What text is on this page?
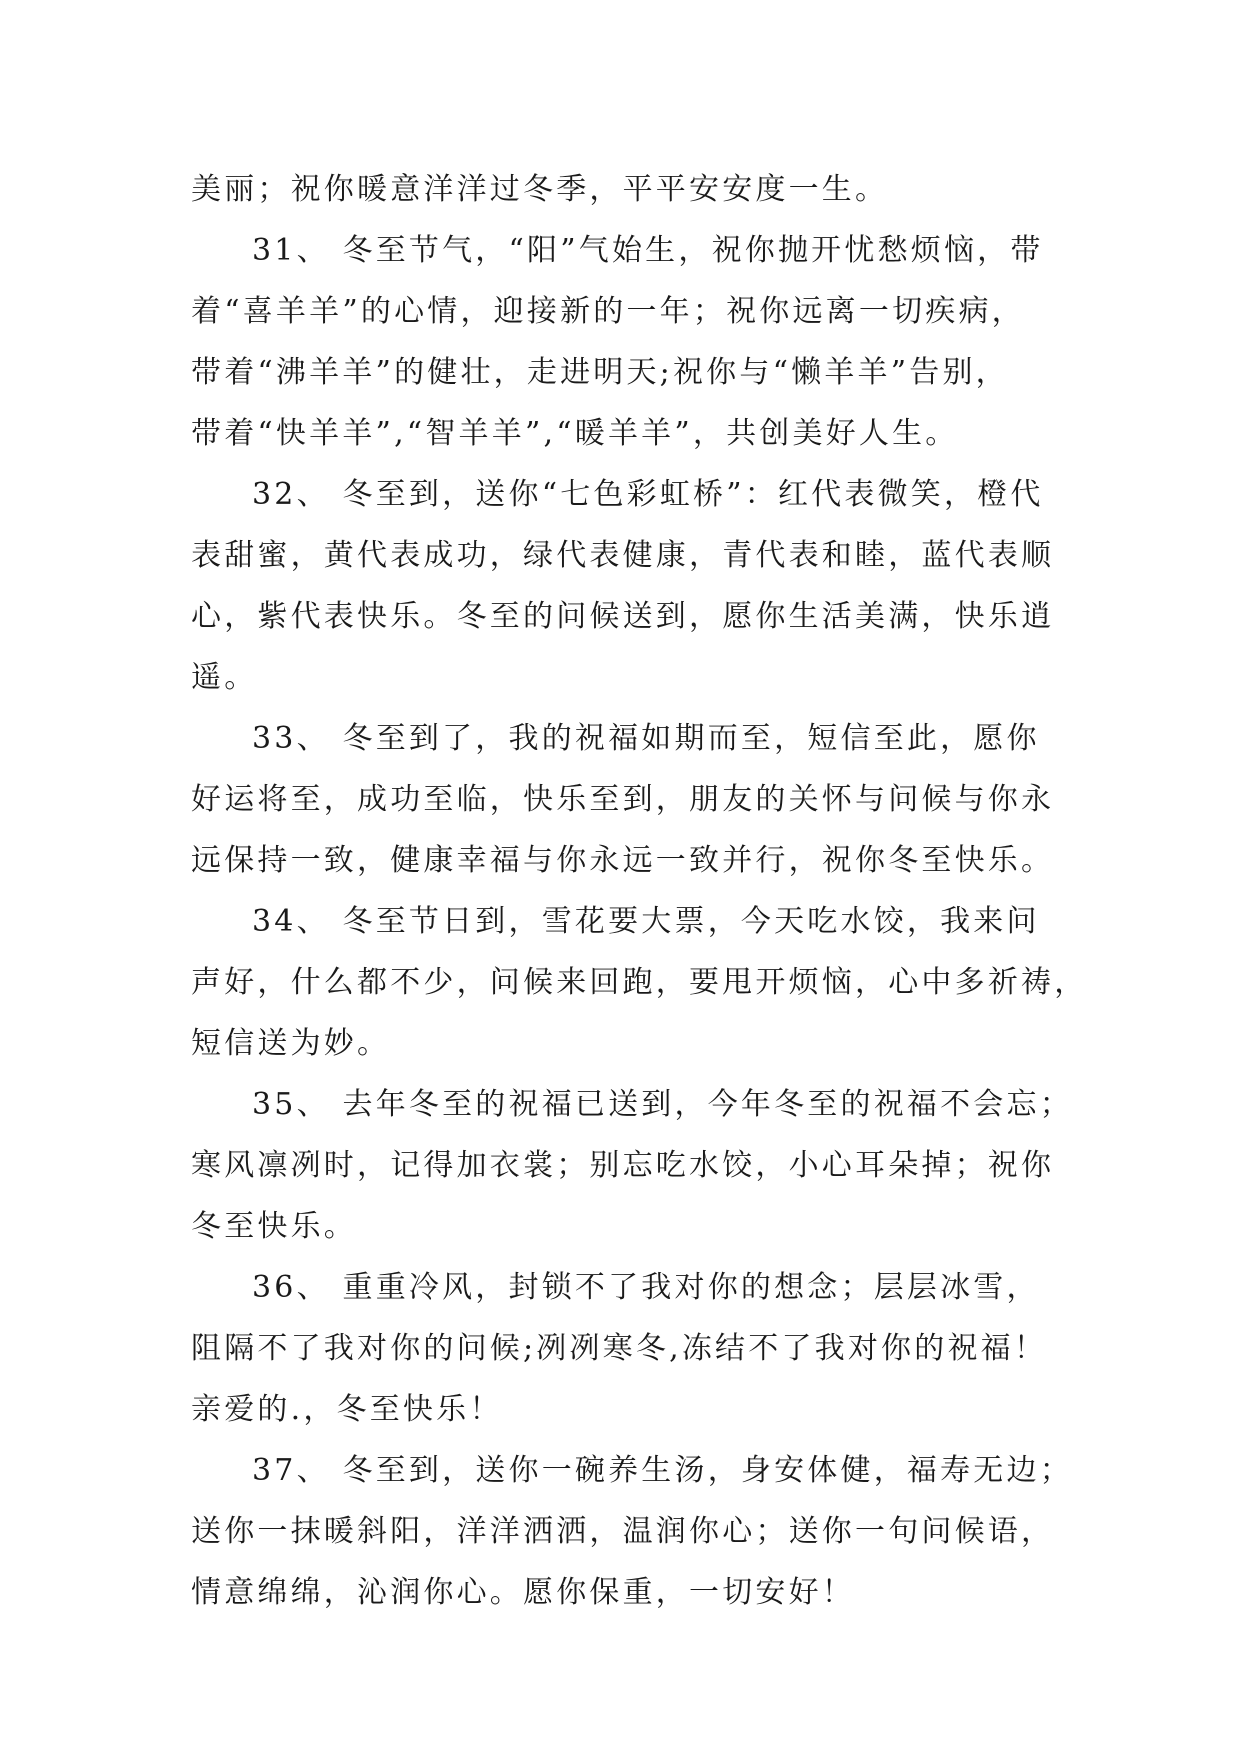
美丽；祝你暖意洋洋过冬季，平平安安度一生。
31、 冬至节气，“阳”气始生，祝你抛开忧愁烦恼，带
着“喜羊羊”的心情，迎接新的一年；祝你远离一切疾病，
带着“沸羊羊”的健壮，走进明天;祝你与“懒羊羊”告别，
带着“快羊羊”,“智羊羊”,“暖羊羊”，共创美好人生。
32、 冬至到，送你“七色彩虹桥”：红代表微笑，橙代
表甜蜜，黄代表成功，绿代表健康，青代表和睦，蓝代表顺
心，紫代表快乐。冬至的问候送到，愿你生活美满，快乐逍
遥。
33、 冬至到了，我的祝福如期而至，短信至此，愿你
好运将至，成功至临，快乐至到，朋友的关怀与问候与你永
远保持一致，健康幸福与你永远一致并行，祝你冬至快乐。
34、 冬至节日到，雪花要大票，今天吃水饺，我来问
声好，什么都不少，问候来回跑，要甩开烦恼，心中多祈祷，
短信送为妙。
35、 去年冬至的祝福已送到，今年冬至的祝福不会忘；
寒风凛冽时，记得加衣裳；别忘吃水饺，小心耳朵掉；祝你
冬至快乐。
36、 重重冷风，封锁不了我对你的想念；层层冰雪，
阻隔不了我对你的问候;冽冽寒冬,冻结不了我对你的祝福！
亲爱的.，冬至快乐！
37、 冬至到，送你一碗养生汤，身安体健，福寿无边；
送你一抹暖斜阳，洋洋洒洒，温润你心；送你一句问候语，
情意绵绵，沁润你心。愿你保重，一切安好！
